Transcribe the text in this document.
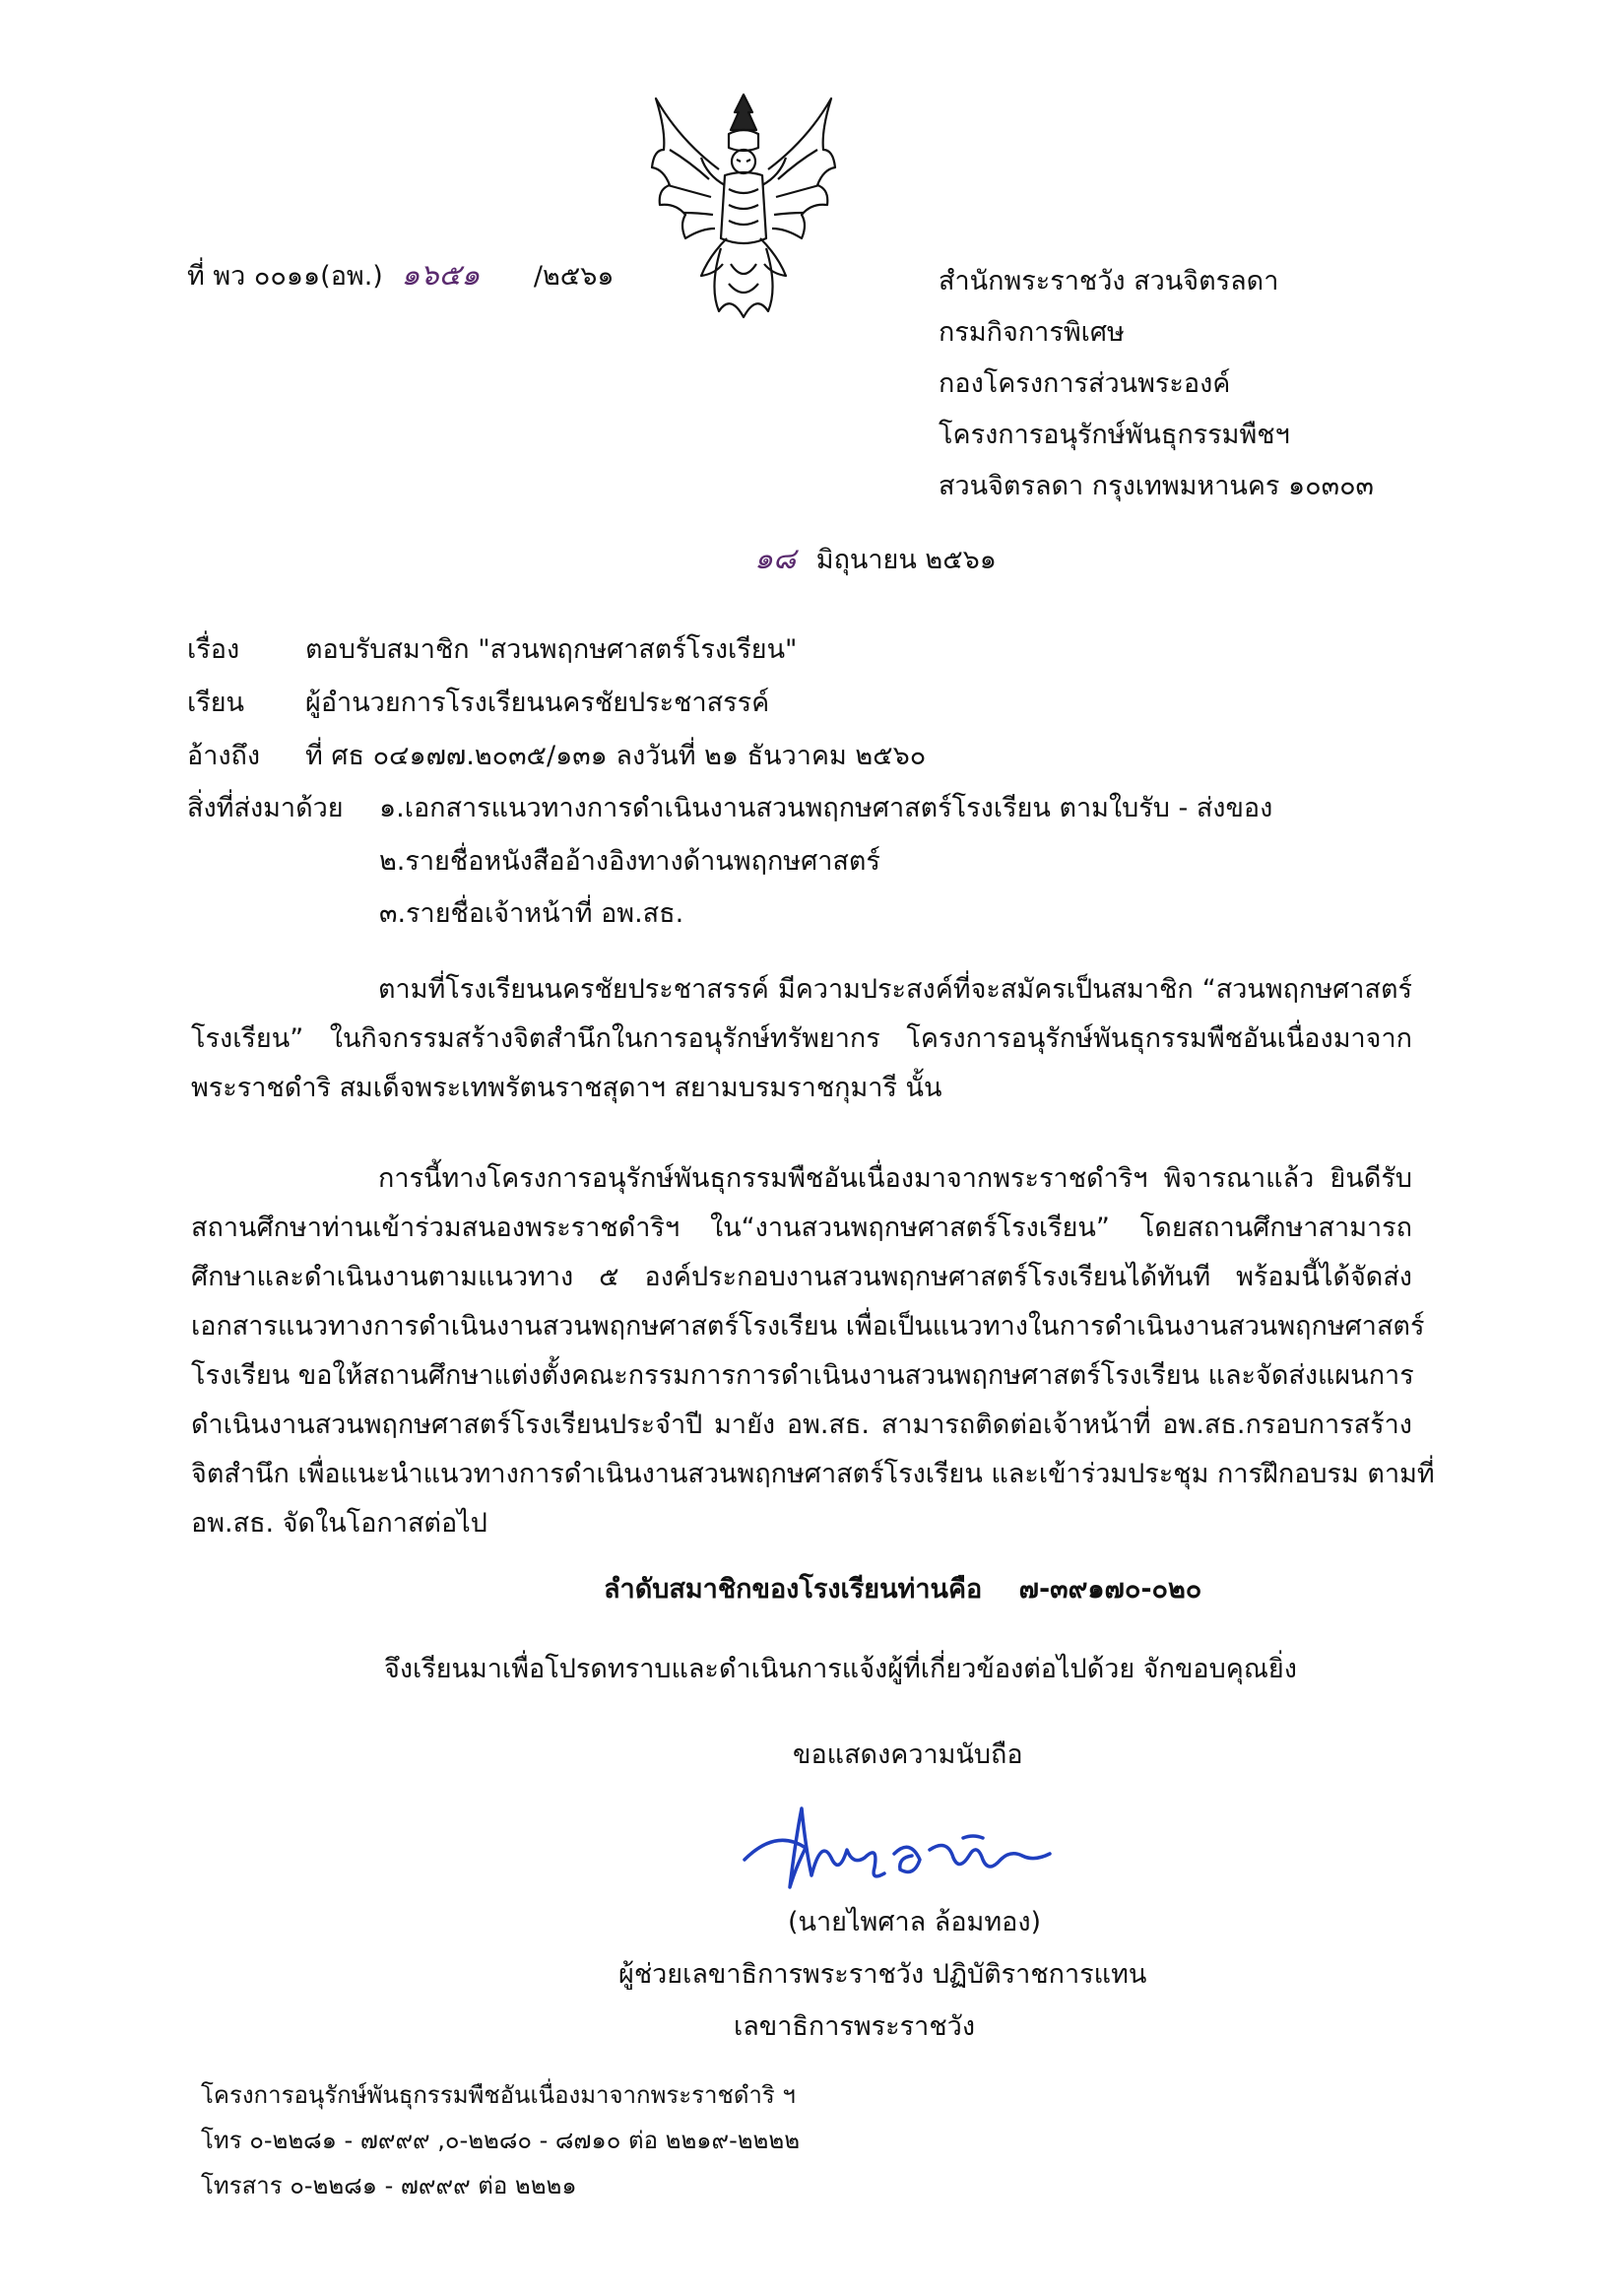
ที่ พว ๐๐๑๑(อพ.) ๑๖๕๑ /๒๕๖๑	สำนักพระราชวัง สวนจิตรลดา
กรมกิจการพิเศษ
กองโครงการส่วนพระองค์
โครงการอนุรักษ์พันธุกรรมพืชฯ
สวนจิตรลดา กรุงเทพมหานคร ๑๐๓๐๓
๑๘ มิถุนายน ๒๕๖๑
เรื่อง ตอบรับสมาชิก "สวนพฤกษศาสตร์โรงเรียน"
เรียน ผู้อำนวยการโรงเรียนนครชัยประชาสรรค์
อ้างถึง ที่ ศธ ๐๔๑๗๗.๒๐๓๕/๑๓๑ ลงวันที่ ๒๑ ธันวาคม ๒๕๖๐
สิ่งที่ส่งมาด้วย ๑.เอกสารแนวทางการดำเนินงานสวนพฤกษศาสตร์โรงเรียน ตามใบรับ - ส่งของ
๒.รายชื่อหนังสืออ้างอิงทางด้านพฤกษศาสตร์
๓.รายชื่อเจ้าหน้าที่ อพ.สธ.
ตามที่โรงเรียนนครชัยประชาสรรค์ มีความประสงค์ที่จะสมัครเป็นสมาชิก “สวนพฤกษศาสตร์
โรงเรียน” ในกิจกรรมสร้างจิตสำนึกในการอนุรักษ์ทรัพยากร โครงการอนุรักษ์พันธุกรรมพืชอันเนื่องมาจาก
พระราชดำริ สมเด็จพระเทพรัตนราชสุดาฯ สยามบรมราชกุมารี นั้น
การนี้ทางโครงการอนุรักษ์พันธุกรรมพืชอันเนื่องมาจากพระราชดำริฯ พิจารณาแล้ว ยินดีรับ
สถานศึกษาท่านเข้าร่วมสนองพระราชดำริฯ ใน“งานสวนพฤกษศาสตร์โรงเรียน” โดยสถานศึกษาสามารถ
ศึกษาและดำเนินงานตามแนวทาง ๕ องค์ประกอบงานสวนพฤกษศาสตร์โรงเรียนได้ทันที พร้อมนี้ได้จัดส่ง
เอกสารแนวทางการดำเนินงานสวนพฤกษศาสตร์โรงเรียน เพื่อเป็นแนวทางในการดำเนินงานสวนพฤกษศาสตร์
โรงเรียน ขอให้สถานศึกษาแต่งตั้งคณะกรรมการการดำเนินงานสวนพฤกษศาสตร์โรงเรียน และจัดส่งแผนการ
ดำเนินงานสวนพฤกษศาสตร์โรงเรียนประจำปี มายัง อพ.สธ. สามารถติดต่อเจ้าหน้าที่ อพ.สธ.กรอบการสร้าง
จิตสำนึก เพื่อแนะนำแนวทางการดำเนินงานสวนพฤกษศาสตร์โรงเรียน และเข้าร่วมประชุม การฝึกอบรม ตามที่
อพ.สธ. จัดในโอกาสต่อไป
ลำดับสมาชิกของโรงเรียนท่านคือ ๗-๓๙๑๗๐-๐๒๐
จึงเรียนมาเพื่อโปรดทราบและดำเนินการแจ้งผู้ที่เกี่ยวข้องต่อไปด้วย จักขอบคุณยิ่ง
ขอแสดงความนับถือ
(นายไพศาล ล้อมทอง)
ผู้ช่วยเลขาธิการพระราชวัง ปฏิบัติราชการแทน
เลขาธิการพระราชวัง
โครงการอนุรักษ์พันธุกรรมพืชอันเนื่องมาจากพระราชดำริ ฯ
โทร ๐-๒๒๘๑ - ๗๙๙๙ ,๐-๒๒๘๐ - ๘๗๑๐ ต่อ ๒๒๑๙-๒๒๒๒
โทรสาร ๐-๒๒๘๑ - ๗๙๙๙ ต่อ ๒๒๒๑
